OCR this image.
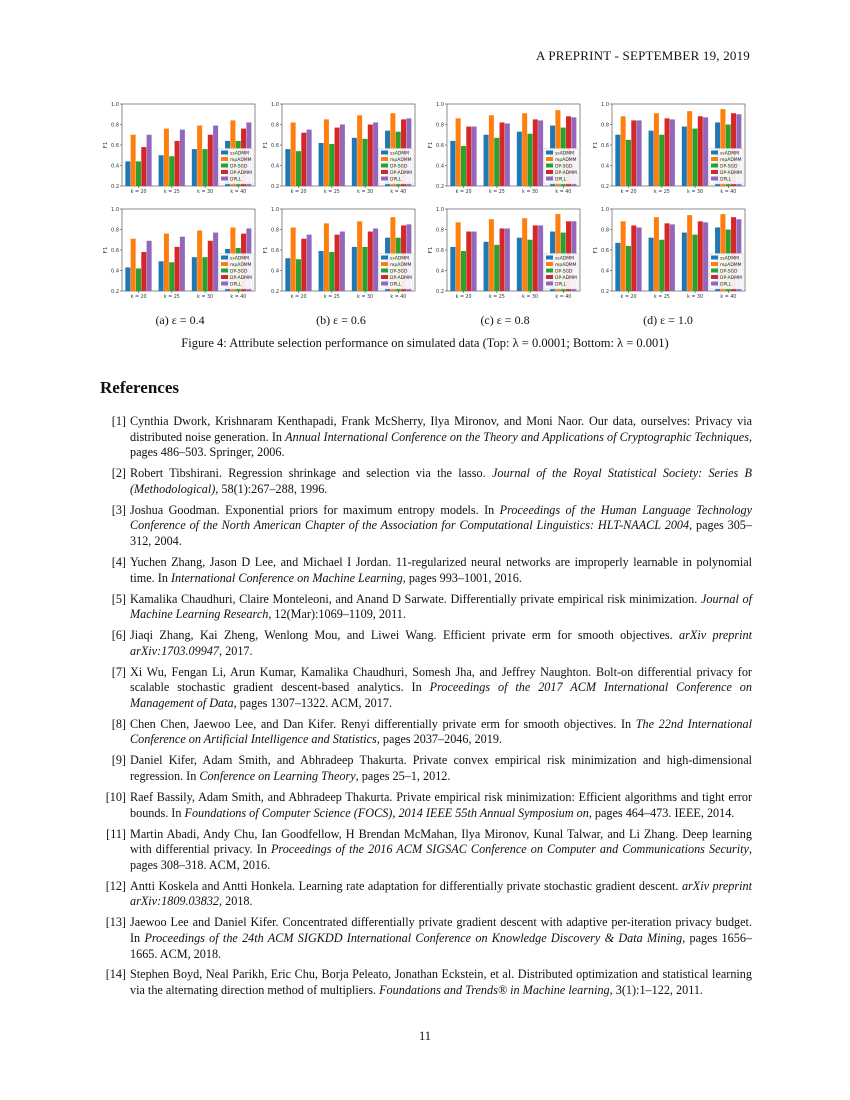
A PREPRINT - SEPTEMBER 19, 2019
0.2
0.4
0.6
0.8
1.0
F1
k = 20	k = 25	k = 30	k = 40
ssADMM
mpADMM
DP-SGD
DP-ADMM
DPLL
0.2
0.4
0.6
0.8
1.0
F1
k = 20	k = 25	k = 30	k = 40
ssADMM
mpADMM
DP-SGD
DP-ADMM
DPLL
0.2
0.4
0.6
0.8
1.0
F1
k = 20	k = 25	k = 30	k = 40
ssADMM
mpADMM
DP-SGD
DP-ADMM
DPLL
0.2
0.4
0.6
0.8
1.0
F1
k = 20	k = 25	k = 30	k = 40
ssADMM
mpADMM
DP-SGD
DP-ADMM
DPLL
0.2
0.4
0.6
0.8
1.0
F1
k = 20	k = 25	k = 30	k = 40
ssADMM
mpADMM
DP-SGD
DP-ADMM
DPLL
0.2
0.4
0.6
0.8
1.0
F1
k = 20	k = 25	k = 30	k = 40
ssADMM
mpADMM
DP-SGD
DP-ADMM
DPLL
0.2
0.4
0.6
0.8
1.0
F1
k = 20	k = 25	k = 30	k = 40
ssADMM
mpADMM
DP-SGD
DP-ADMM
DPLL
0.2
0.4
0.6
0.8
1.0
F1
k = 20	k = 25	k = 30	k = 40
ssADMM
mpADMM
DP-SGD
DP-ADMM
DPLL
(a) ε = 0.4	(b) ε = 0.6	(c) ε = 0.8	(d) ε = 1.0
Figure 4: Attribute selection performance on simulated data (Top: λ = 0.0001; Bottom: λ = 0.001)
References
[1] Cynthia Dwork, Krishnaram Kenthapadi, Frank McSherry, Ilya Mironov, and Moni Naor. Our data, ourselves: Privacy via distributed noise generation. In Annual International Conference on the Theory and Applications of Cryptographic Techniques, pages 486–503. Springer, 2006.
[2] Robert Tibshirani. Regression shrinkage and selection via the lasso. Journal of the Royal Statistical Society: Series B (Methodological), 58(1):267–288, 1996.
[3] Joshua Goodman. Exponential priors for maximum entropy models. In Proceedings of the Human Language Technology Conference of the North American Chapter of the Association for Computational Linguistics: HLT-NAACL 2004, pages 305–312, 2004.
[4] Yuchen Zhang, Jason D Lee, and Michael I Jordan. 11-regularized neural networks are improperly learnable in polynomial time. In International Conference on Machine Learning, pages 993–1001, 2016.
[5] Kamalika Chaudhuri, Claire Monteleoni, and Anand D Sarwate. Differentially private empirical risk minimization. Journal of Machine Learning Research, 12(Mar):1069–1109, 2011.
[6] Jiaqi Zhang, Kai Zheng, Wenlong Mou, and Liwei Wang. Efficient private erm for smooth objectives. arXiv preprint arXiv:1703.09947, 2017.
[7] Xi Wu, Fengan Li, Arun Kumar, Kamalika Chaudhuri, Somesh Jha, and Jeffrey Naughton. Bolt-on differential privacy for scalable stochastic gradient descent-based analytics. In Proceedings of the 2017 ACM International Conference on Management of Data, pages 1307–1322. ACM, 2017.
[8] Chen Chen, Jaewoo Lee, and Dan Kifer. Renyi differentially private erm for smooth objectives. In The 22nd International Conference on Artificial Intelligence and Statistics, pages 2037–2046, 2019.
[9] Daniel Kifer, Adam Smith, and Abhradeep Thakurta. Private convex empirical risk minimization and high-dimensional regression. In Conference on Learning Theory, pages 25–1, 2012.
[10] Raef Bassily, Adam Smith, and Abhradeep Thakurta. Private empirical risk minimization: Efficient algorithms and tight error bounds. In Foundations of Computer Science (FOCS), 2014 IEEE 55th Annual Symposium on, pages 464–473. IEEE, 2014.
[11] Martin Abadi, Andy Chu, Ian Goodfellow, H Brendan McMahan, Ilya Mironov, Kunal Talwar, and Li Zhang. Deep learning with differential privacy. In Proceedings of the 2016 ACM SIGSAC Conference on Computer and Communications Security, pages 308–318. ACM, 2016.
[12] Antti Koskela and Antti Honkela. Learning rate adaptation for differentially private stochastic gradient descent. arXiv preprint arXiv:1809.03832, 2018.
[13] Jaewoo Lee and Daniel Kifer. Concentrated differentially private gradient descent with adaptive per-iteration privacy budget. In Proceedings of the 24th ACM SIGKDD International Conference on Knowledge Discovery & Data Mining, pages 1656–1665. ACM, 2018.
[14] Stephen Boyd, Neal Parikh, Eric Chu, Borja Peleato, Jonathan Eckstein, et al. Distributed optimization and statistical learning via the alternating direction method of multipliers. Foundations and Trends® in Machine learning, 3(1):1–122, 2011.
11
